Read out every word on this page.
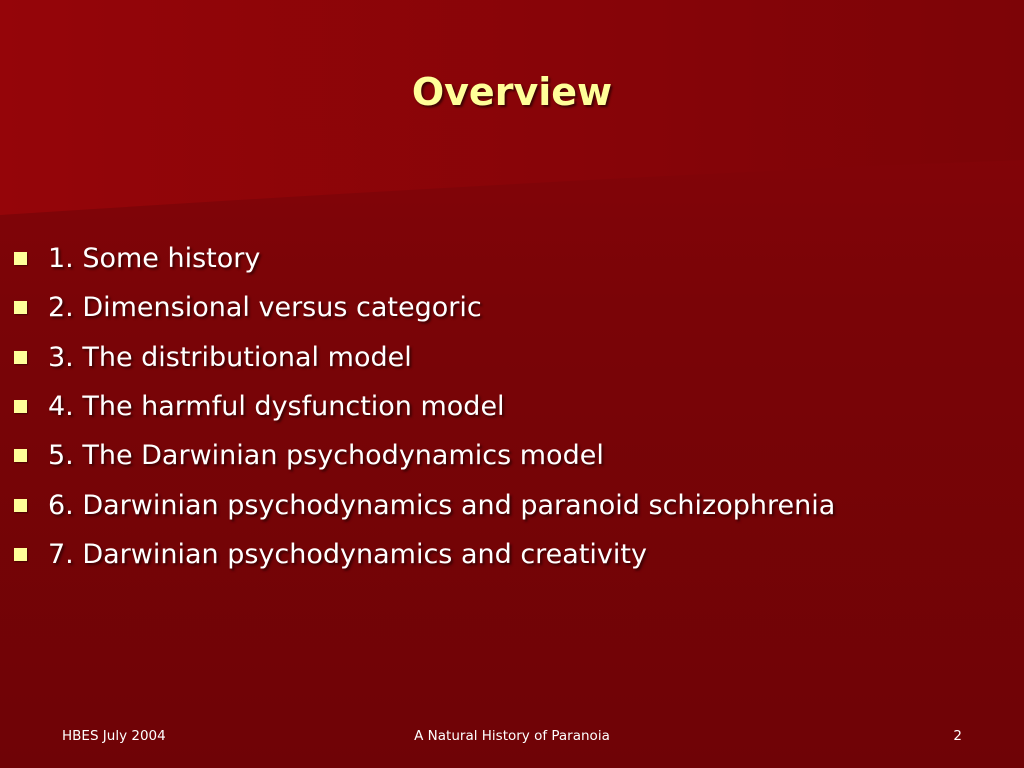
Overview
1. Some history
2. Dimensional versus categoric
3. The distributional model
4. The harmful dysfunction model
5. The Darwinian psychodynamics model
6. Darwinian psychodynamics and paranoid schizophrenia
7. Darwinian psychodynamics and creativity
A Natural History of Paranoia
HBES July 2004	2
